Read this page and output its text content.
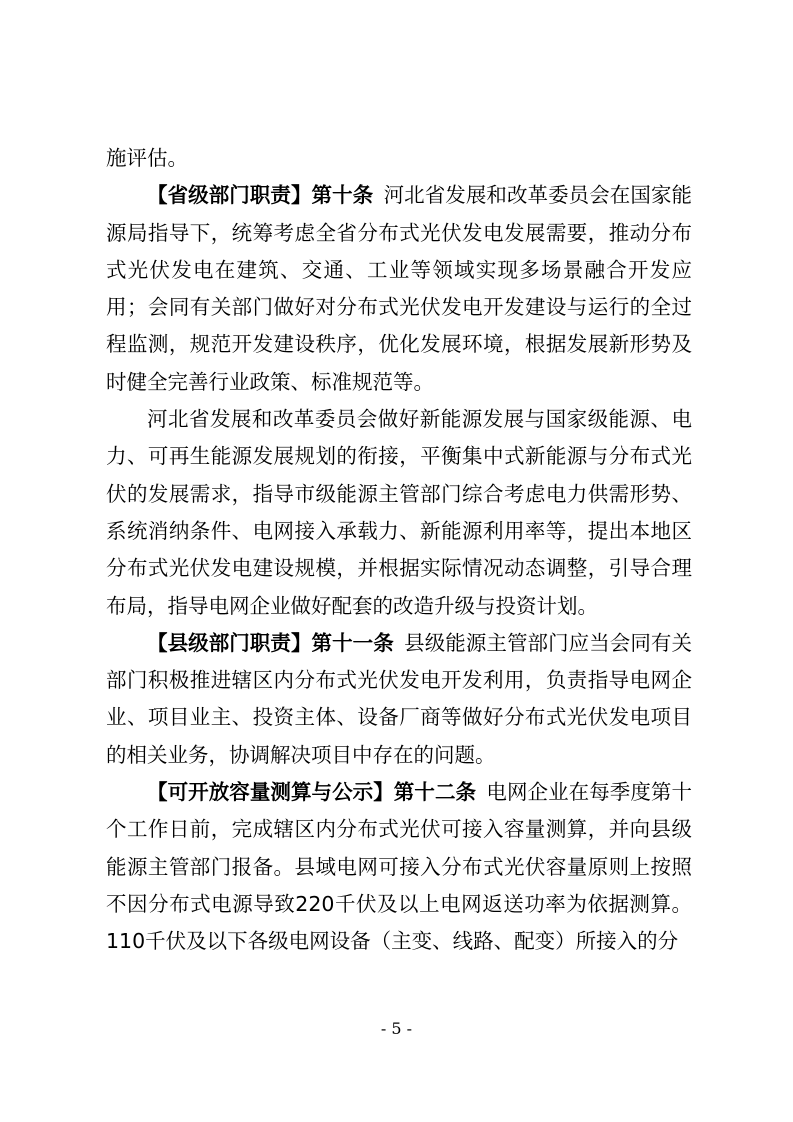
施评估。

【省级部门职责】第十条  河北省发展和改革委员会在国家能源局指导下，统筹考虑全省分布式光伏发电发展需要，推动分布式光伏发电在建筑、交通、工业等领域实现多场景融合开发应用；会同有关部门做好对分布式光伏发电开发建设与运行的全过程监测，规范开发建设秩序，优化发展环境，根据发展新形势及时健全完善行业政策、标准规范等。

河北省发展和改革委员会做好新能源发展与国家级能源、电力、可再生能源发展规划的衔接，平衡集中式新能源与分布式光伏的发展需求，指导市级能源主管部门综合考虑电力供需形势、系统消纳条件、电网接入承载力、新能源利用率等，提出本地区分布式光伏发电建设规模，并根据实际情况动态调整，引导合理布局，指导电网企业做好配套的改造升级与投资计划。

【县级部门职责】第十一条  县级能源主管部门应当会同有关部门积极推进辖区内分布式光伏发电开发利用，负责指导电网企业、项目业主、投资主体、设备厂商等做好分布式光伏发电项目的相关业务，协调解决项目中存在的问题。

【可开放容量测算与公示】第十二条  电网企业在每季度第十个工作日前，完成辖区内分布式光伏可接入容量测算，并向县级能源主管部门报备。县域电网可接入分布式光伏容量原则上按照不因分布式电源导致220千伏及以上电网返送功率为依据测算。110千伏及以下各级电网设备（主变、线路、配变）所接入的分

- 5 -
